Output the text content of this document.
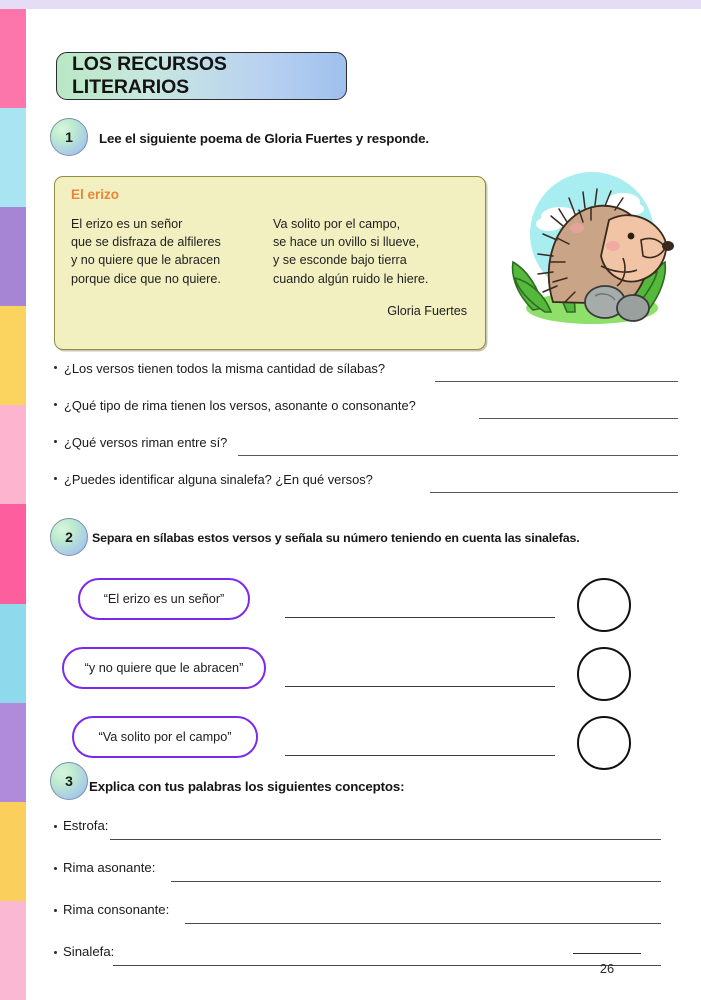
LOS RECURSOS LITERARIOS
1	Lee el siguiente poema de Gloria Fuertes y responde.
El erizo
El erizo es un señor
que se disfraza de alfileres
y no quiere que le abracen
porque dice que no quiere.
Va solito por el campo,
se hace un ovillo si llueve,
y se esconde bajo tierra
cuando algún ruido le hiere.
Gloria Fuertes
¿Los versos tienen todos la misma cantidad de sílabas?
¿Qué tipo de rima tienen los versos, asonante o consonante?
¿Qué versos riman entre sí?
¿Puedes identificar alguna sinalefa? ¿En qué versos?
2	Separa en sílabas estos versos y señala su número teniendo en cuenta las sinalefas.
“El erizo es un señor”
“y no quiere que le abracen”
“Va solito por el campo”
3	Explica con tus palabras los siguientes conceptos:
Estrofa:
Rima asonante:
Rima consonante:
Sinalefa:
26
